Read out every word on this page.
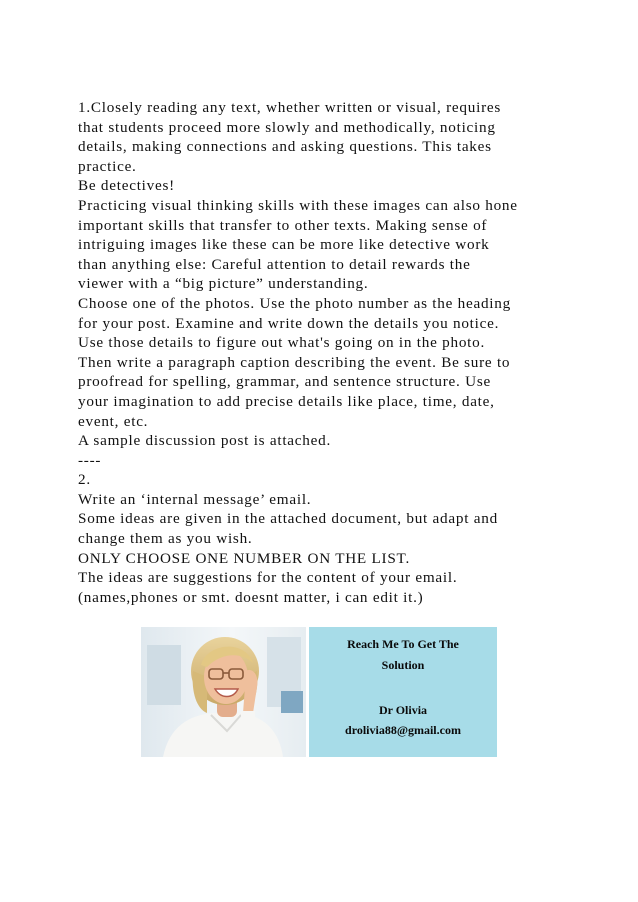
1.Closely reading any text, whether written or visual, requires
that students proceed more slowly and methodically, noticing
details, making connections and asking questions. This takes
practice.
Be detectives!
Practicing visual thinking skills with these images can also hone
important skills that transfer to other texts. Making sense of
intriguing images like these can be more like detective work
than anything else: Careful attention to detail rewards the
viewer with a “big picture” understanding.
Choose one of the photos. Use the photo number as the heading
for your post. Examine and write down the details you notice.
Use those details to figure out what's going on in the photo.
Then write a paragraph caption describing the event. Be sure to
proofread for spelling, grammar, and sentence structure. Use
your imagination to add precise details like place, time, date,
event, etc.
A sample discussion post is attached.
----
2.
Write an ‘internal message’ email.
Some ideas are given in the attached document, but adapt and
change them as you wish.
ONLY CHOOSE ONE NUMBER ON THE LIST.
The ideas are suggestions for the content of your email.
(names,phones or smt. doesnt matter, i can edit it.)
Reach Me To Get The
Solution
Dr Olivia
drolivia88@gmail.com
